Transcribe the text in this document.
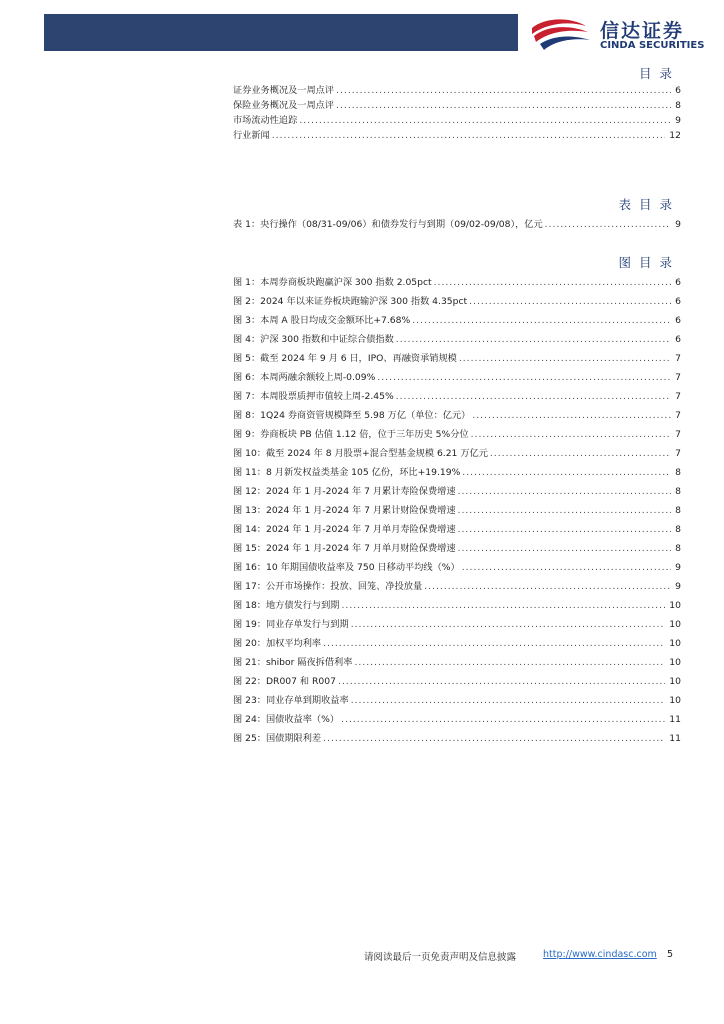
信达证券
CINDA SECURITIES
目录
证券业务概况及一周点评 .....	6
保险业务概况及一周点评 .....	8
市场流动性追踪 .....	9
行业新闻 .....	12
表目录
表 1：央行操作（08/31-09/06）和债券发行与到期（09/02-09/08），亿元 .....	9
图目录
图 1：本周券商板块跑赢沪深 300 指数 2.05pct .....	6
图 2：2024 年以来证券板块跑输沪深 300 指数 4.35pct .....	6
图 3：本周 A 股日均成交金额环比+7.68% .....	6
图 4：沪深 300 指数和中证综合债指数 .....	6
图 5：截至 2024 年 9 月 6 日，IPO、再融资承销规模 .....	7
图 6：本周两融余额较上周-0.09% .....	7
图 7：本周股票质押市值较上周-2.45% .....	7
图 8：1Q24 券商资管规模降至 5.98 万亿（单位：亿元） .....	7
图 9：券商板块 PB 估值 1.12 倍，位于三年历史 5%分位 .....	7
图 10：截至 2024 年 8 月股票+混合型基金规模 6.21 万亿元 .....	7
图 11：8 月新发权益类基金 105 亿份，环比+19.19% .....	8
图 12：2024 年 1 月-2024 年 7 月累计寿险保费增速 .....	8
图 13：2024 年 1 月-2024 年 7 月累计财险保费增速 .....	8
图 14：2024 年 1 月-2024 年 7 月单月寿险保费增速 .....	8
图 15：2024 年 1 月-2024 年 7 月单月财险保费增速 .....	8
图 16：10 年期国债收益率及 750 日移动平均线（%） .....	9
图 17：公开市场操作：投放、回笼、净投放量 .....	9
图 18：地方债发行与到期 .....	10
图 19：同业存单发行与到期 .....	10
图 20：加权平均利率 .....	10
图 21：shibor 隔夜拆借利率 .....	10
图 22：DR007 和 R007 .....	10
图 23：同业存单到期收益率 .....	10
图 24：国债收益率（%） .....	11
图 25：国债期限利差 .....	11
请阅读最后一页免责声明及信息披露	http://www.cindasc.com 5
